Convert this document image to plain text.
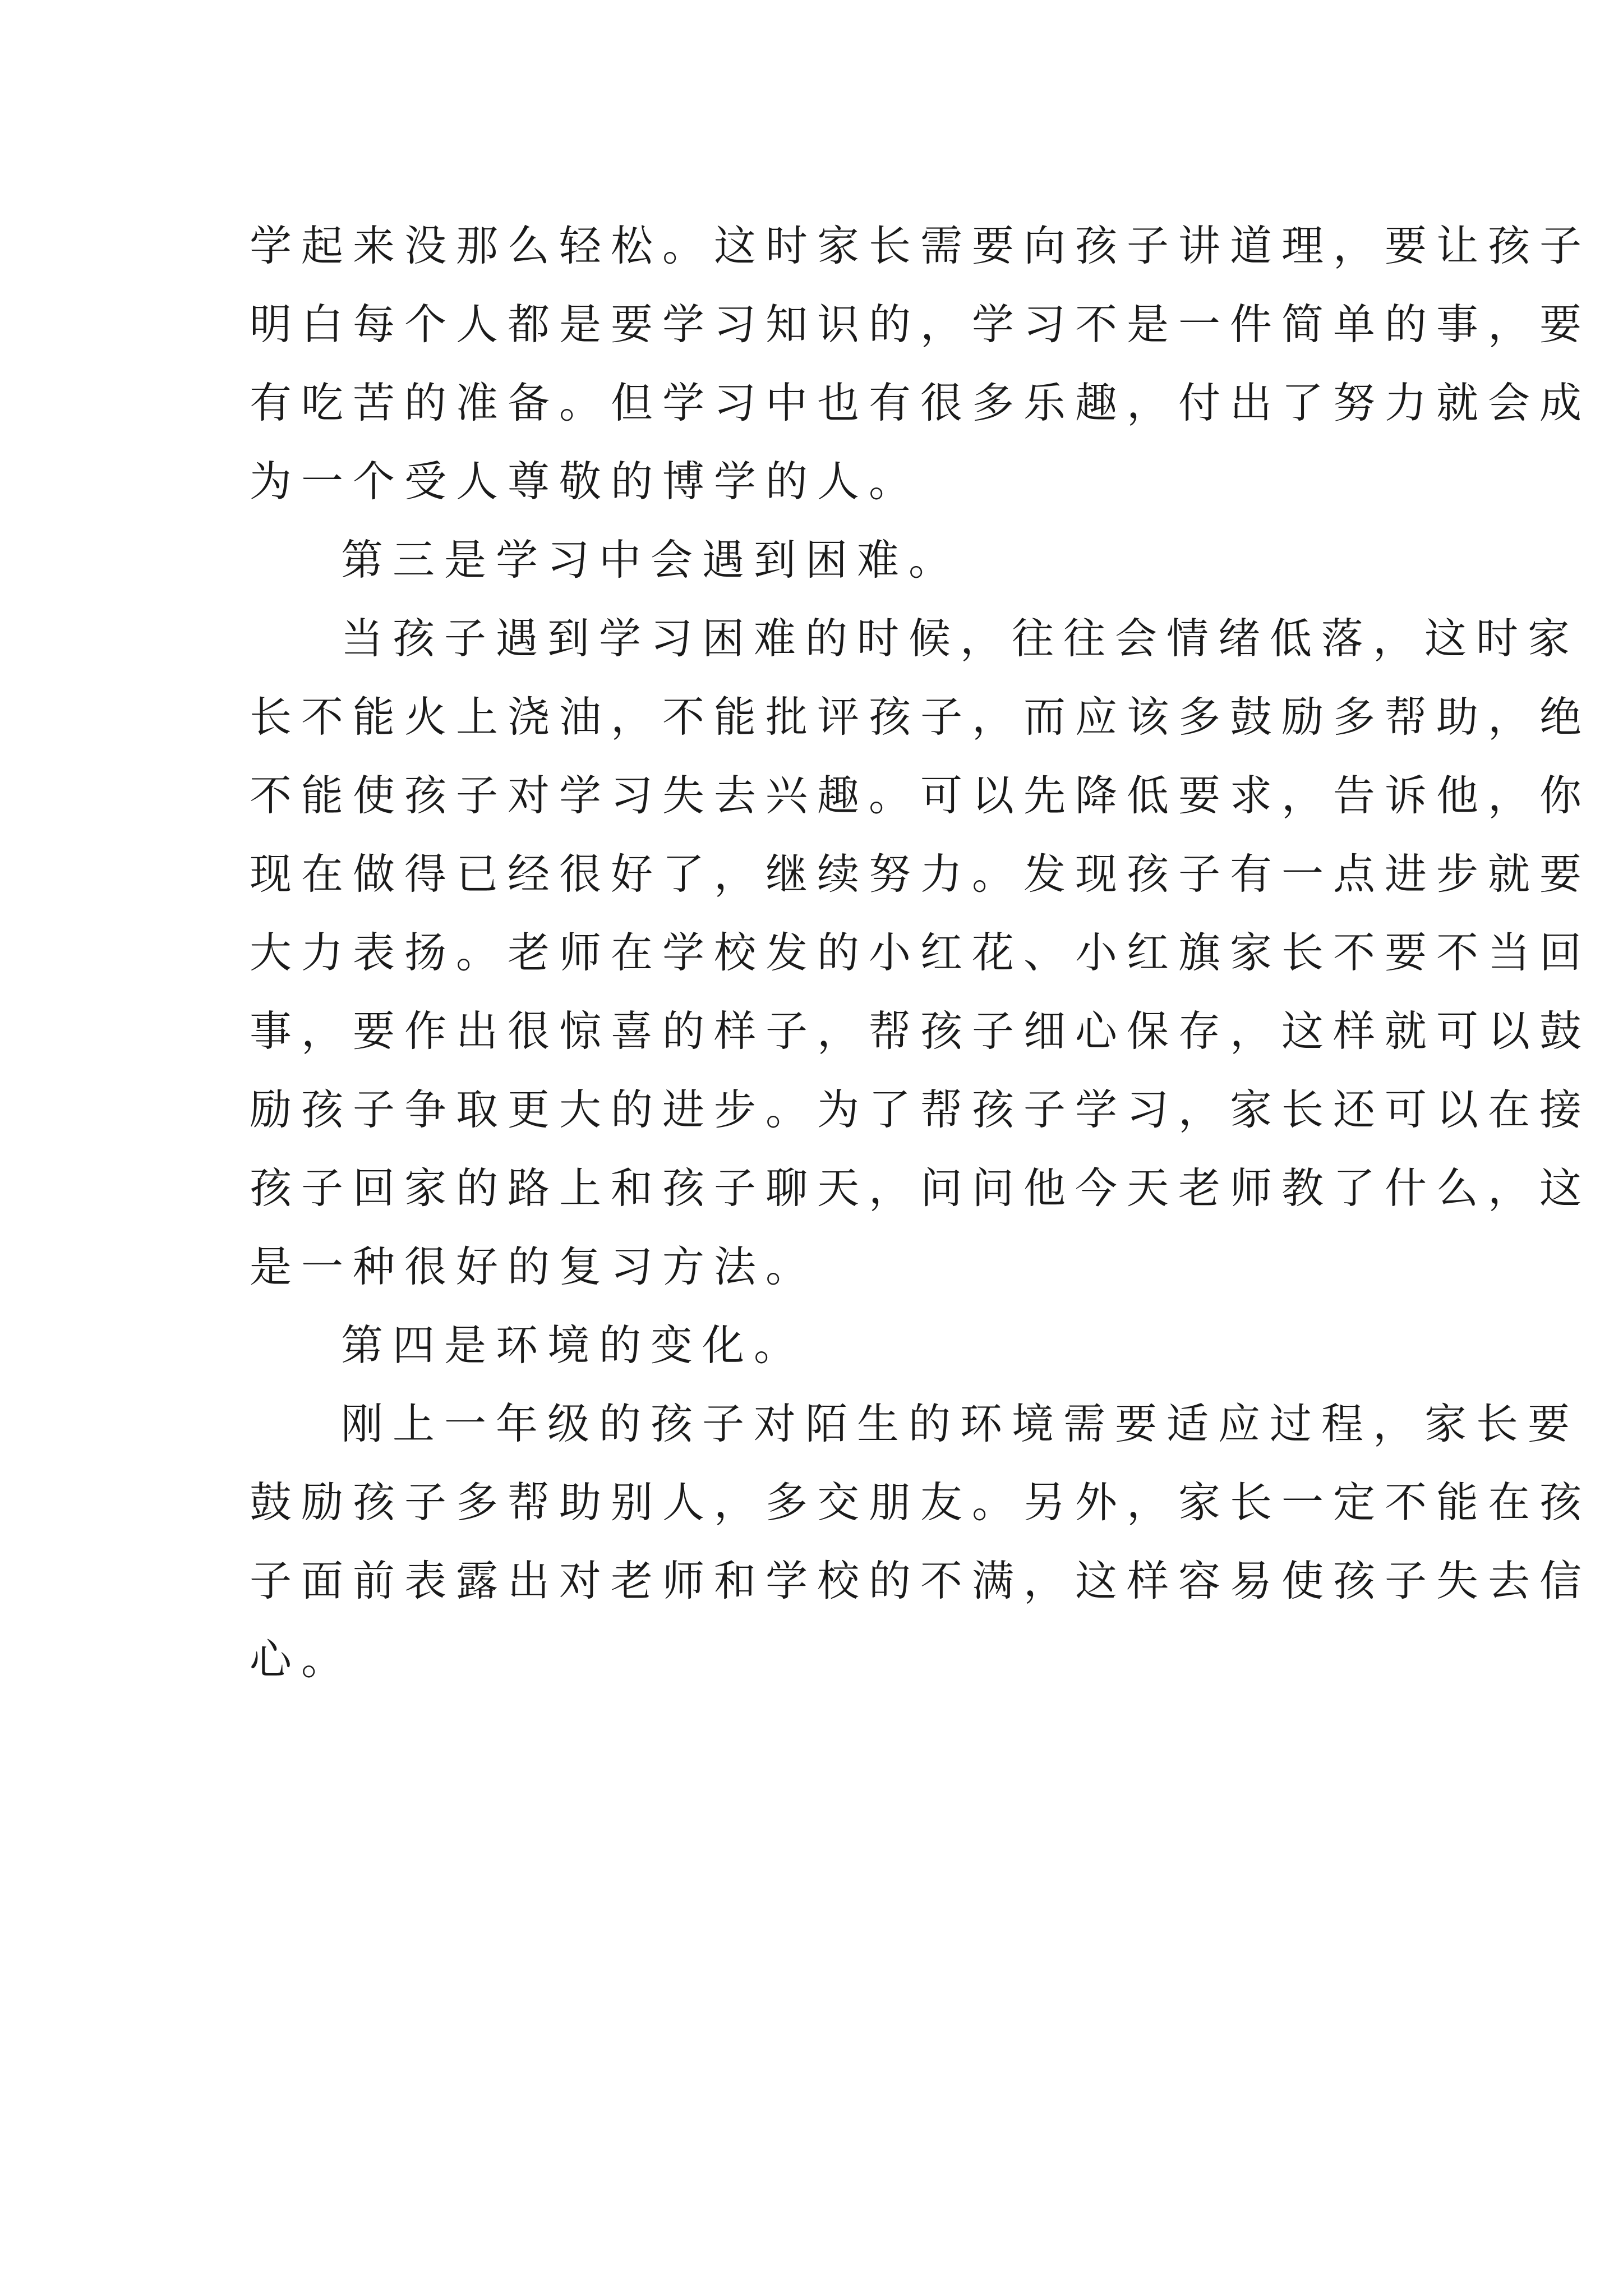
学起来没那么轻松。这时家长需要向孩子讲道理，要让孩子
明白每个人都是要学习知识的，学习不是一件简单的事，要
有吃苦的准备。但学习中也有很多乐趣，付出了努力就会成
为一个受人尊敬的博学的人。
第三是学习中会遇到困难。
当孩子遇到学习困难的时候，往往会情绪低落，这时家
长不能火上浇油，不能批评孩子，而应该多鼓励多帮助，绝
不能使孩子对学习失去兴趣。可以先降低要求，告诉他，你
现在做得已经很好了，继续努力。发现孩子有一点进步就要
大力表扬。老师在学校发的小红花、小红旗家长不要不当回
事，要作出很惊喜的样子，帮孩子细心保存，这样就可以鼓
励孩子争取更大的进步。为了帮孩子学习，家长还可以在接
孩子回家的路上和孩子聊天，问问他今天老师教了什么，这
是一种很好的复习方法。
第四是环境的变化。
刚上一年级的孩子对陌生的环境需要适应过程，家长要
鼓励孩子多帮助别人，多交朋友。另外，家长一定不能在孩
子面前表露出对老师和学校的不满，这样容易使孩子失去信
心。
